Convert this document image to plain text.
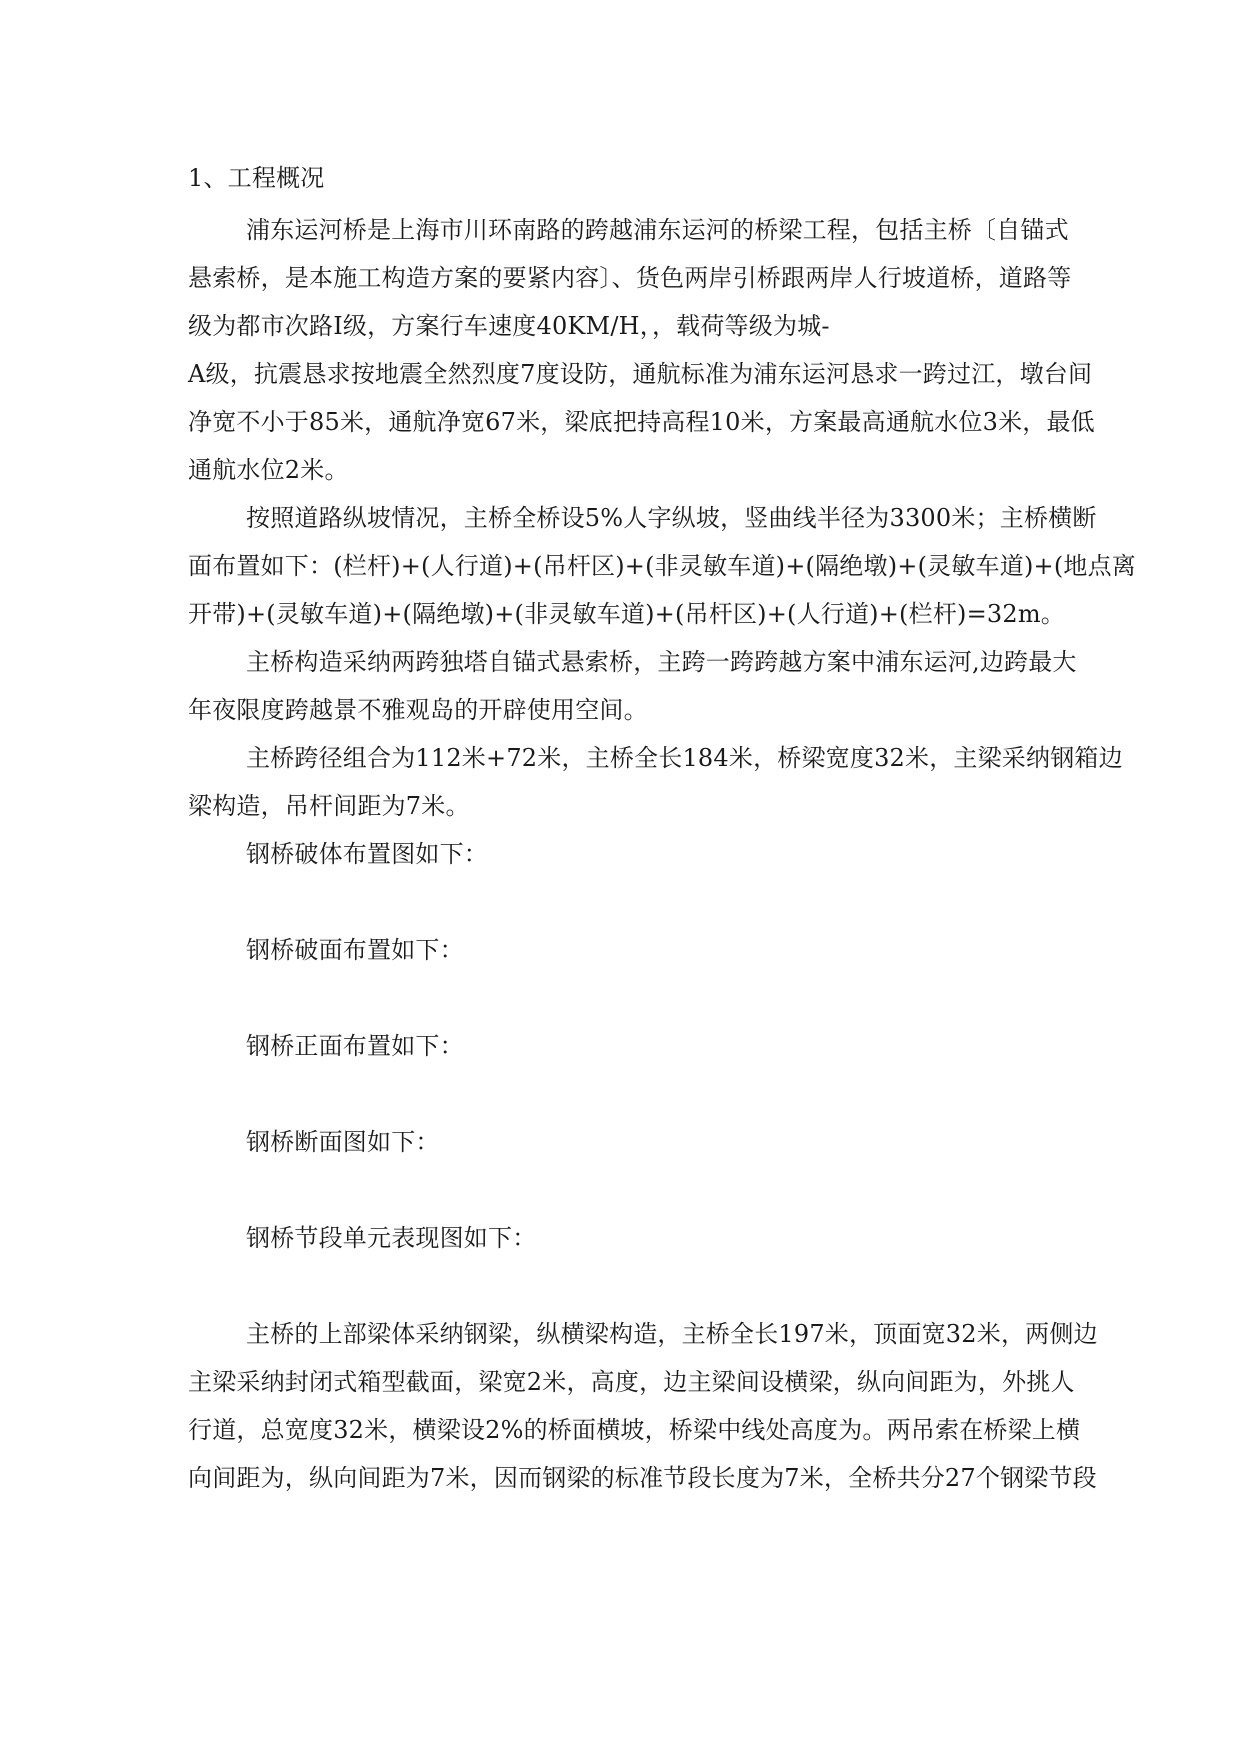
1、工程概况
浦东运河桥是上海市川环南路的跨越浦东运河的桥梁工程，包括主桥〔自锚式
悬索桥，是本施工构造方案的要紧内容〕、货色两岸引桥跟两岸人行坡道桥，道路等
级为都市次路I级，方案行车速度40KM/H，，载荷等级为城-
A级，抗震恳求按地震全然烈度7度设防，通航标准为浦东运河恳求一跨过江，墩台间
净宽不小于85米，通航净宽67米，梁底把持高程10米，方案最高通航水位3米，最低
通航水位2米。
按照道路纵坡情况，主桥全桥设5%人字纵坡，竖曲线半径为3300米；主桥横断
面布置如下：(栏杆)+(人行道)+(吊杆区)+(非灵敏车道)+(隔绝墩)+(灵敏车道)+(地点离
开带)+(灵敏车道)+(隔绝墩)+(非灵敏车道)+(吊杆区)+(人行道)+(栏杆)=32m。
主桥构造采纳两跨独塔自锚式悬索桥，主跨一跨跨越方案中浦东运河,边跨最大
年夜限度跨越景不雅观岛的开辟使用空间。
主桥跨径组合为112米+72米，主桥全长184米，桥梁宽度32米，主梁采纳钢箱边
梁构造，吊杆间距为7米。
钢桥破体布置图如下：
钢桥破面布置如下：
钢桥正面布置如下：
钢桥断面图如下：
钢桥节段单元表现图如下：
主桥的上部梁体采纳钢梁，纵横梁构造，主桥全长197米，顶面宽32米，两侧边
主梁采纳封闭式箱型截面，梁宽2米，高度，边主梁间设横梁，纵向间距为，外挑人
行道，总宽度32米，横梁设2%的桥面横坡，桥梁中线处高度为。两吊索在桥梁上横
向间距为，纵向间距为7米，因而钢梁的标准节段长度为7米，全桥共分27个钢梁节段
